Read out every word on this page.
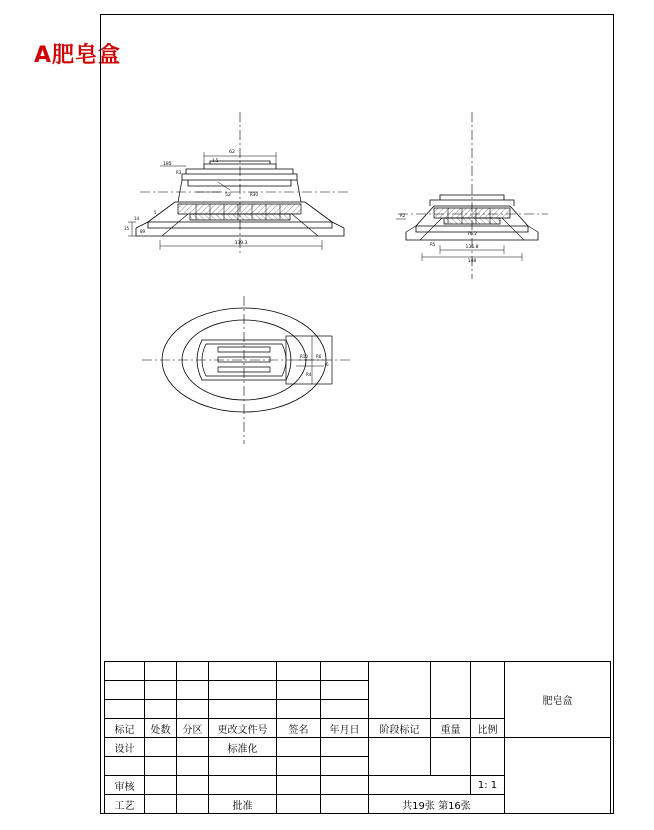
A肥皂盒
62
1.5
185
R3
52	R30
5
14
89
339.3
15
R2
76.2
136.8
148
R5
R10 R6
6
R4
									肥皂盒

标记	处数	分区	更改文件号	签名	年月日	阶段标记	重量	比例	
设计			标准化						

审核								1: 1	
工艺			批准			共19张 第16张			
